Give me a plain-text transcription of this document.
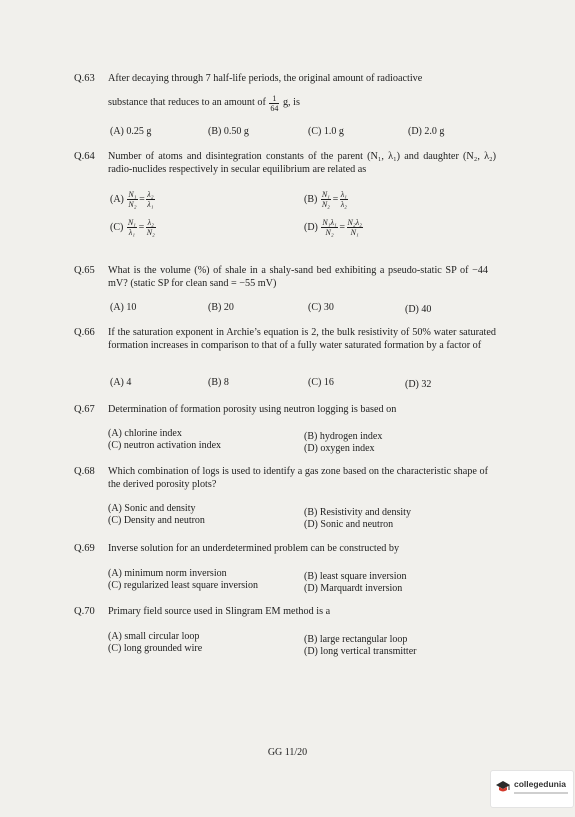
Q.63 After decaying through 7 half-life periods, the original amount of radioactive
substance that reduces to an amount of $\frac{1}{64} g$, is
(A) 0.25 g	(B) 0.50 g	(C) 1.0 g	(D) 2.0 g
Q.64 Number of atoms and disintegration constants of the parent (N₁, λ₁) and daughter (N₂, λ₂) radio-nuclides respectively in secular equilibrium are related as
$(A) \frac{\text{N₁}}{\text{N₂}} = \frac{\text{λ₂}}{\text{λ₁}}$	$(B) \frac{\text{N₁}}{\text{N₂}} = \frac{\text{λ₁}}{\text{λ₂}}$
$(C) \frac{\text{N₁}}{\text{λ₁}} = \frac{\text{λ₂}}{\text{N₂}}$	$(D) \frac{\text{N₁λ₁}}{\text{N₂}} = \frac{\text{N₂λ₂}}{\text{N₁}}$
Q.65 What is the volume (%) of shale in a shaly-sand bed exhibiting a pseudo-static SP of −44 mV? (static SP for clean sand = −55 mV)
(A) 10	(B) 20	(C) 30	(D) 40
Q.66 If the saturation exponent in Archie’s equation is 2, the bulk resistivity of 50% water saturated formation increases in comparison to that of a fully water saturated formation by a factor of
(A) 4	(B) 8	(C) 16	(D) 32
Q.67 Determination of formation porosity using neutron logging is based on
(A) chlorine index	(B) hydrogen index
(C) neutron activation index	(D) oxygen index
Q.68 Which combination of logs is used to identify a gas zone based on the characteristic shape of the derived porosity plots?
(A) Sonic and density	(B) Resistivity and density
(C) Density and neutron	(D) Sonic and neutron
Q.69 Inverse solution for an underdetermined problem can be constructed by
(A) minimum norm inversion	(B) least square inversion
(C) regularized least square inversion	(D) Marquardt inversion
Q.70 Primary field source used in Slingram EM method is a
(A) small circular loop	(B) large rectangular loop
(C) long grounded wire	(D) long vertical transmitter
GG 11/20
collegedunia
